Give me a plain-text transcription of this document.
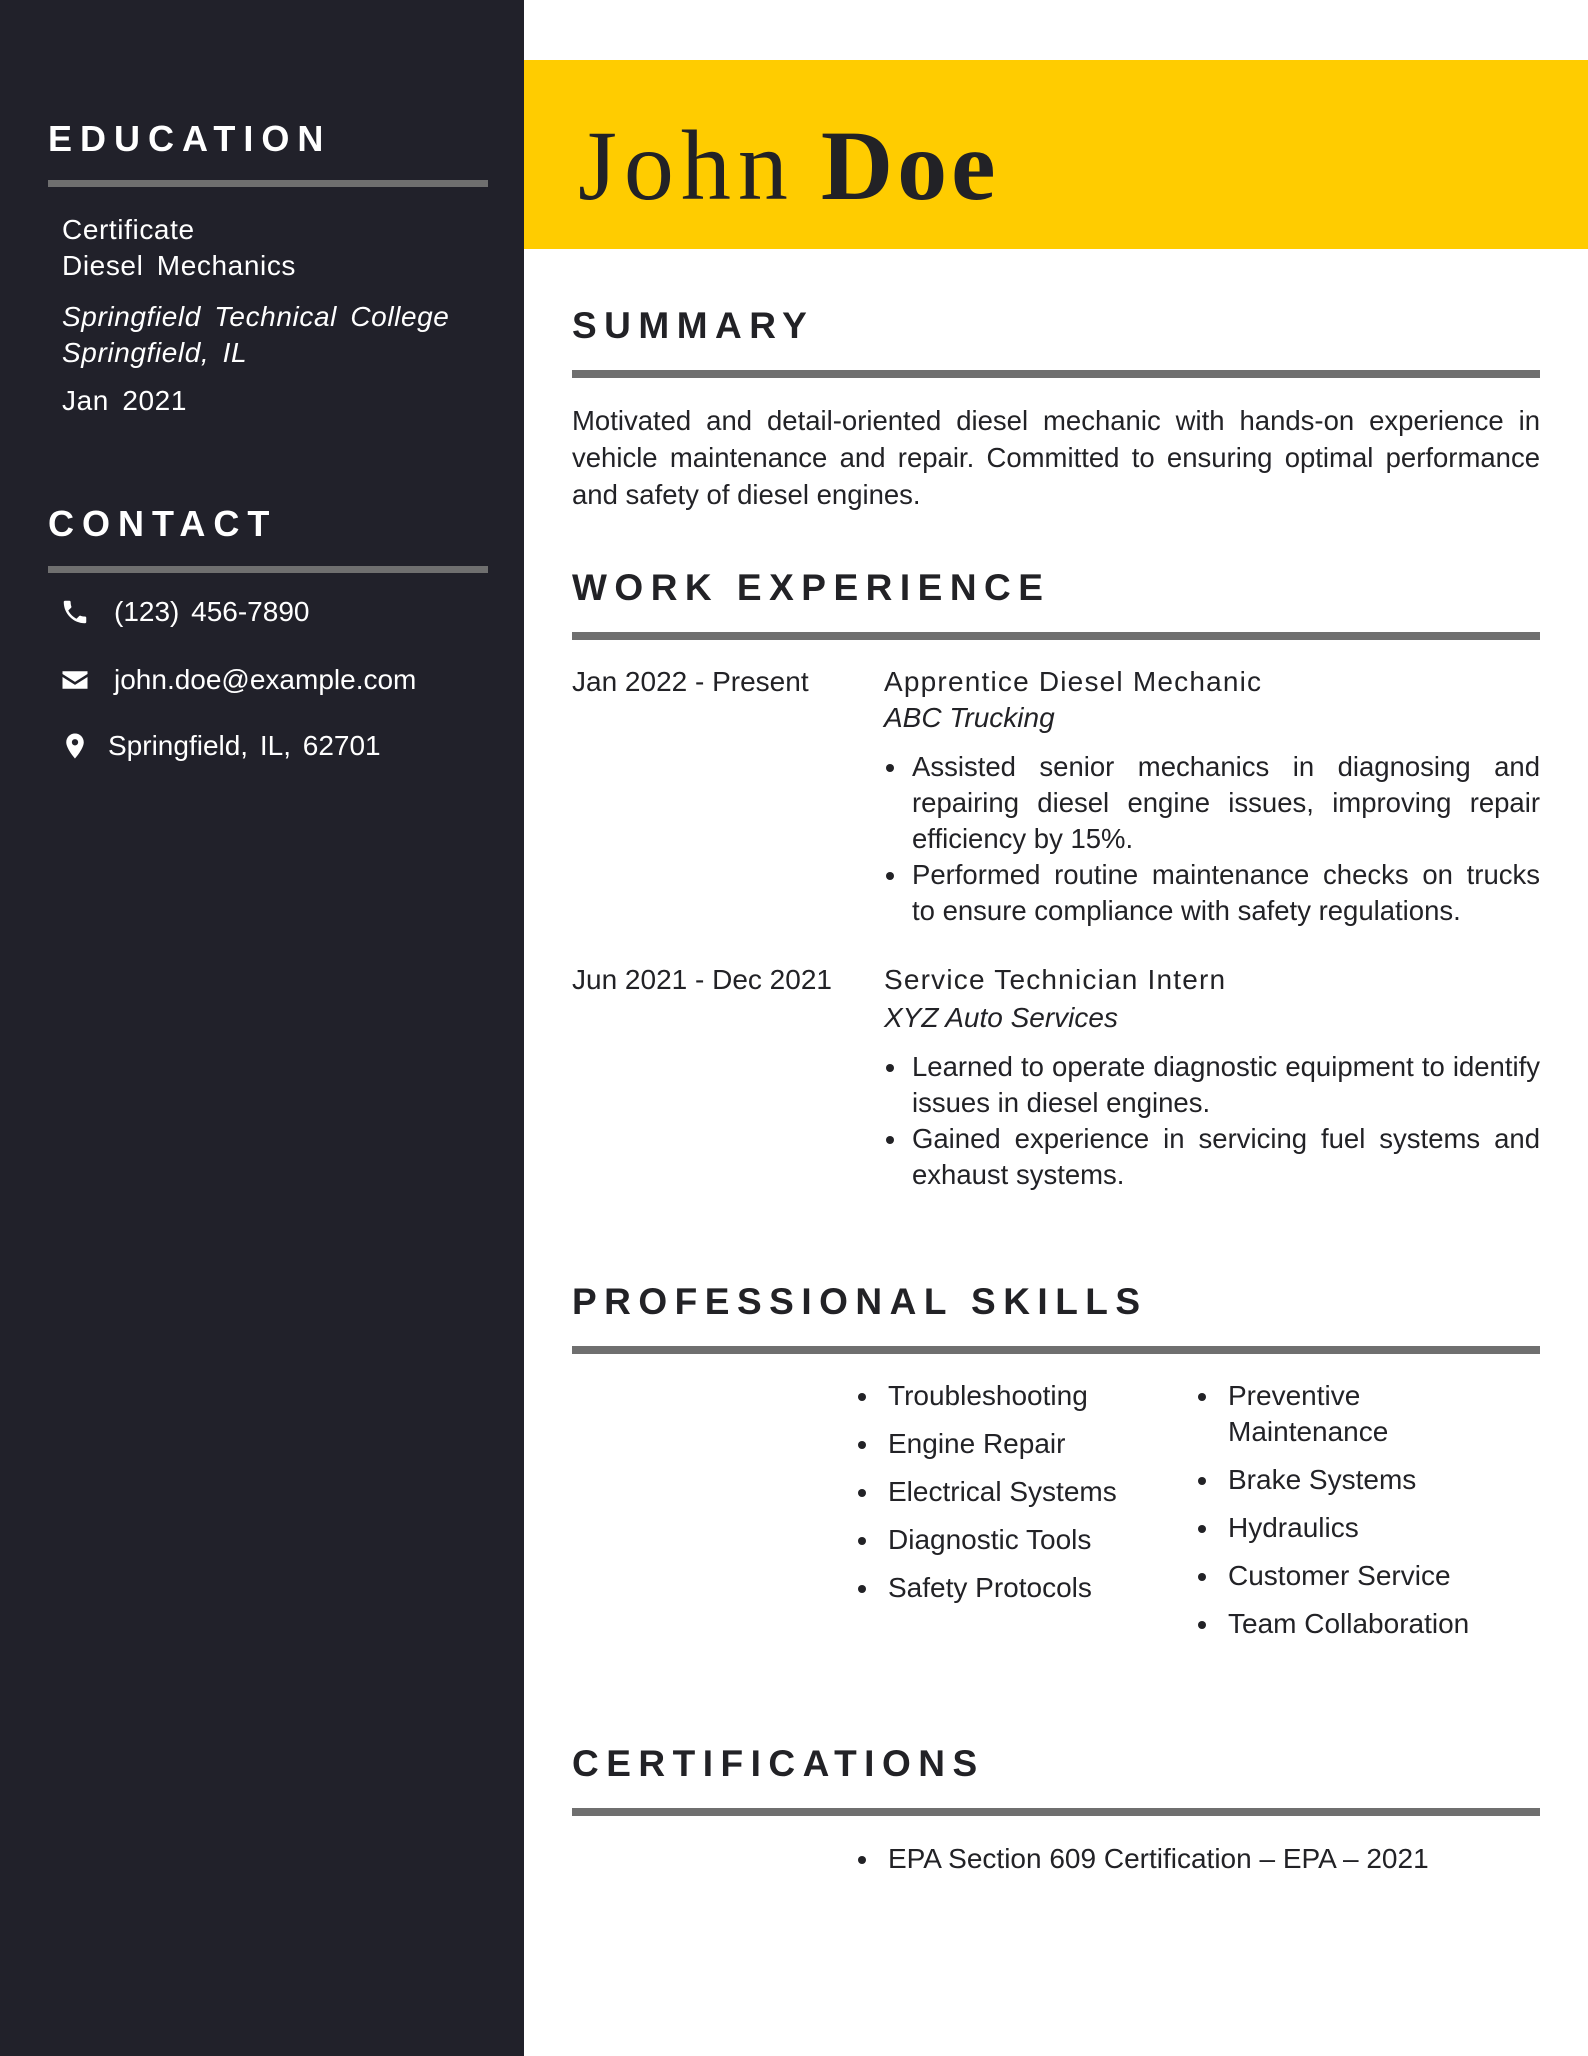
EDUCATION
Certificate
Diesel Mechanics
Springfield Technical College
Springfield, IL
Jan 2021
CONTACT
(123) 456-7890
john.doe@example.com
Springfield, IL, 62701
John Doe
SUMMARY
Motivated and detail-oriented diesel mechanic with hands-on experience in vehicle maintenance and repair. Committed to ensuring optimal performance and safety of diesel engines.
WORK EXPERIENCE
Jan 2022 - Present	Apprentice Diesel Mechanic
ABC Trucking
Assisted senior mechanics in diagnosing and repairing diesel engine issues, improving repair efficiency by 15%.
Performed routine maintenance checks on trucks to ensure compliance with safety regulations.
Jun 2021 - Dec 2021 Service Technician Intern
XYZ Auto Services
Learned to operate diagnostic equipment to identify issues in diesel engines.
Gained experience in servicing fuel systems and exhaust systems.
PROFESSIONAL SKILLS
Troubleshooting
Engine Repair
Electrical Systems
Diagnostic Tools
Safety Protocols
Preventive Maintenance
Brake Systems
Hydraulics
Customer Service
Team Collaboration
CERTIFICATIONS
EPA Section 609 Certification – EPA – 2021
